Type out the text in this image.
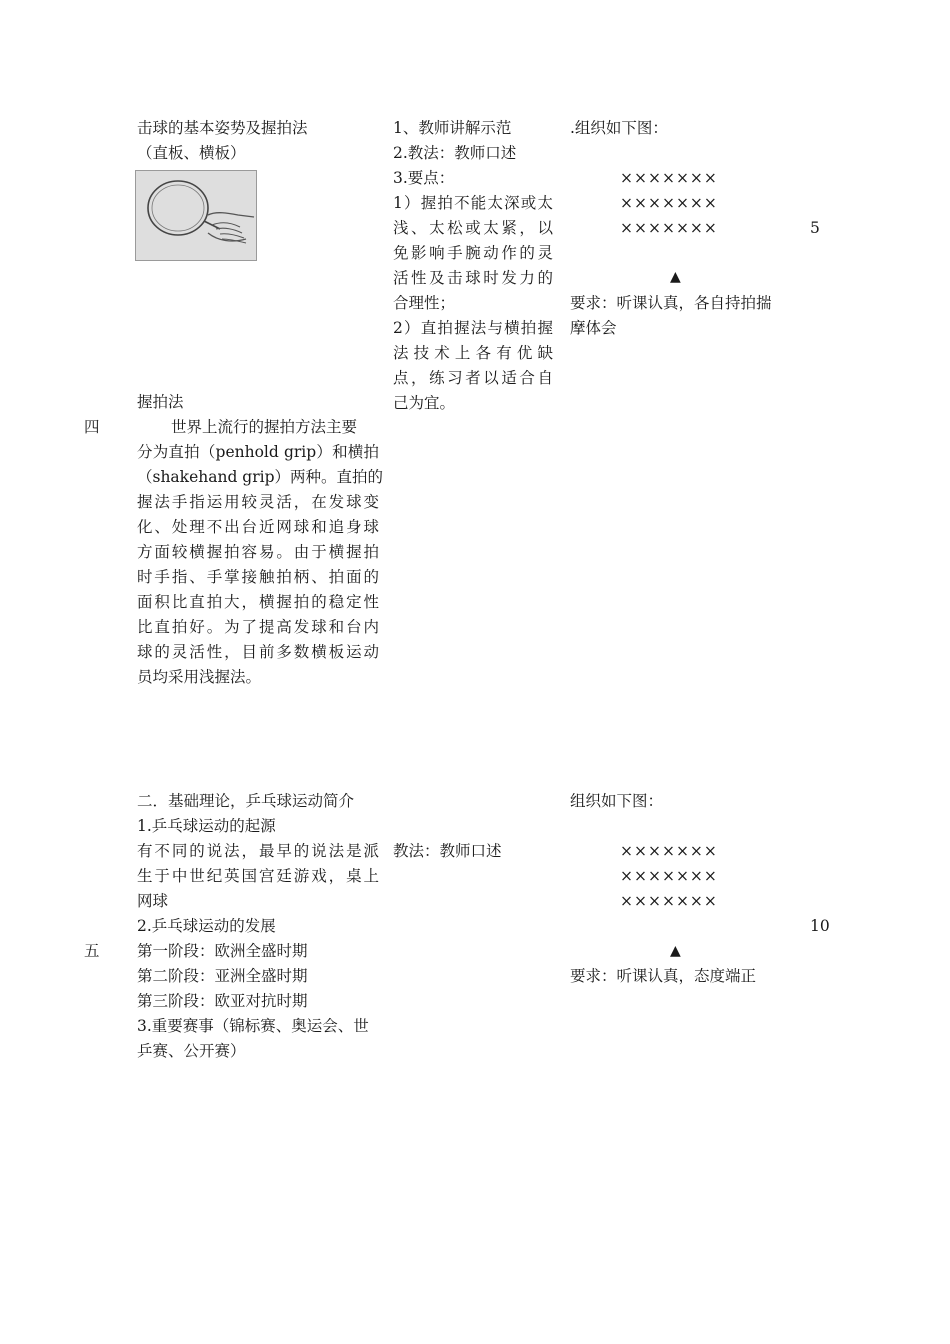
四
击球的基本姿势及握拍法
（直板、横板）
握拍法
世界上流行的握拍方法主要
分为直拍（penhold grip）和横拍
（shakehand grip）两种。直拍的
握法手指运用较灵活，在发球变
化、处理不出台近网球和追身球
方面较横握拍容易。由于横握拍
时手指、手掌接触拍柄、拍面的
面积比直拍大，横握拍的稳定性
比直拍好。为了提高发球和台内
球的灵活性，目前多数横板运动
员均采用浅握法。
1、教师讲解示范
2.教法：教师口述
3.要点：
1）握拍不能太深或太
浅、太松或太紧，以
免影响手腕动作的灵
活性及击球时发力的
合理性；
2）直拍握法与横拍握
法技术上各有优缺
点，练习者以适合自
己为宜。
.组织如下图：
×××××××
×××××××
×××××××
▲
要求：听课认真，各自持拍揣
摩体会
5
五
二．基础理论，乒乓球运动简介
1.乒乓球运动的起源
有不同的说法，最早的说法是派
生于中世纪英国宫廷游戏，桌上
网球
2.乒乓球运动的发展
第一阶段：欧洲全盛时期
第二阶段：亚洲全盛时期
第三阶段：欧亚对抗时期
3.重要赛事（锦标赛、奥运会、世
乒赛、公开赛）
教法：教师口述
组织如下图：
×××××××
×××××××
×××××××
▲
要求：听课认真，态度端正
10
